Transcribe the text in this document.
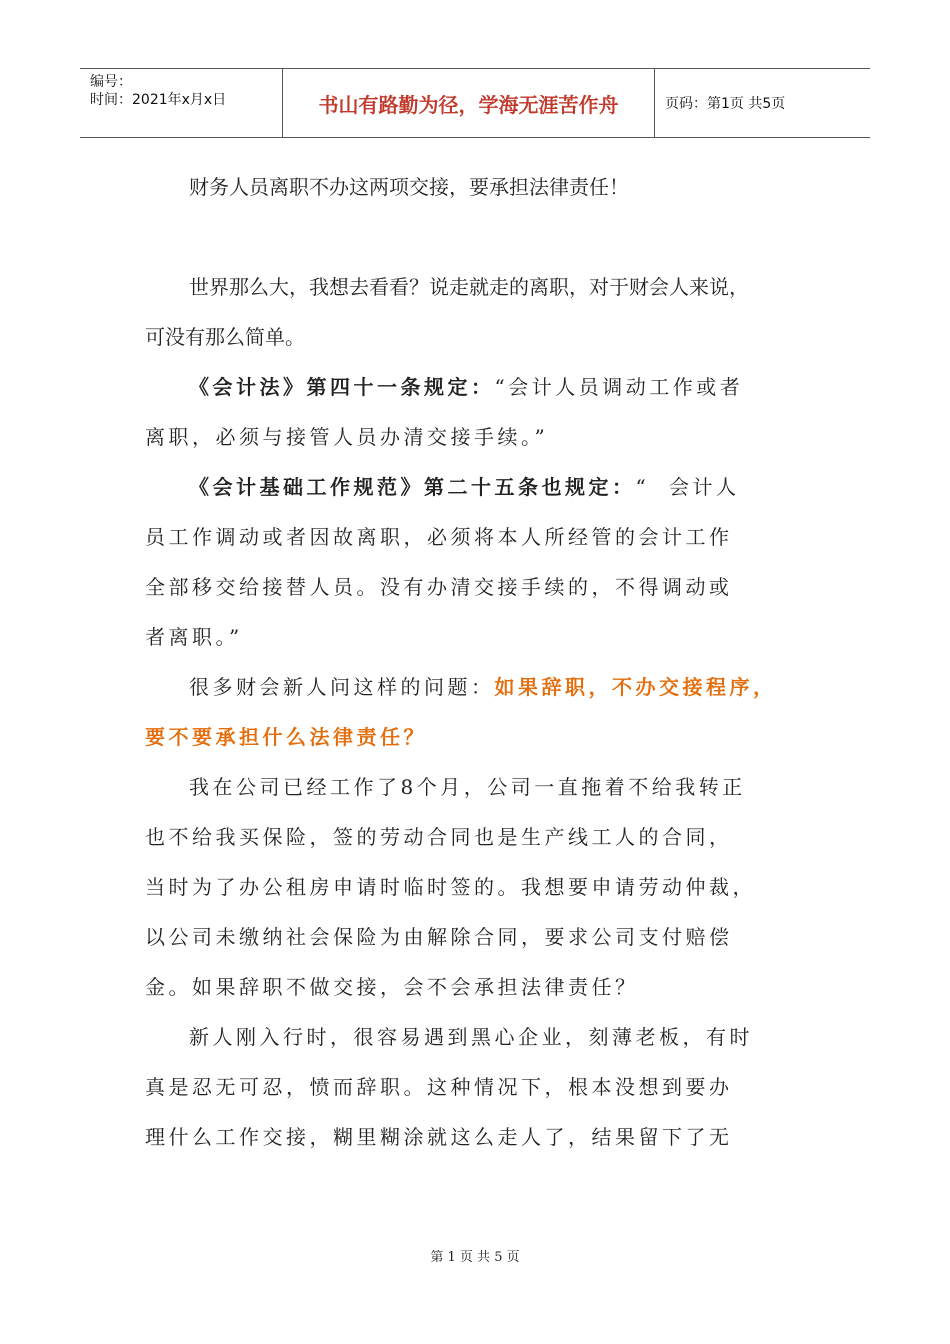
编号：
时间：2021年x月x日	书山有路勤为径，学海无涯苦作舟	页码：第1页 共5页
财务人员离职不办这两项交接，要承担法律责任！
世界那么大，我想去看看？说走就走的离职，对于财会人来说，
可没有那么简单。
《会计法》第四十一条规定：“会计人员调动工作或者
离职，必须与接管人员办清交接手续。”
《会计基础工作规范》第二十五条也规定：“  会计人
员工作调动或者因故离职，必须将本人所经管的会计工作
全部移交给接替人员。没有办清交接手续的，不得调动或
者离职。”
很多财会新人问这样的问题：如果辞职，不办交接程序，
要不要承担什么法律责任？
我在公司已经工作了8个月，公司一直拖着不给我转正
也不给我买保险，签的劳动合同也是生产线工人的合同，
当时为了办公租房申请时临时签的。我想要申请劳动仲裁，
以公司未缴纳社会保险为由解除合同，要求公司支付赔偿
金。如果辞职不做交接，会不会承担法律责任？
新人刚入行时，很容易遇到黑心企业，刻薄老板，有时
真是忍无可忍，愤而辞职。这种情况下，根本没想到要办
理什么工作交接，糊里糊涂就这么走人了，结果留下了无
第 1 页 共 5 页
